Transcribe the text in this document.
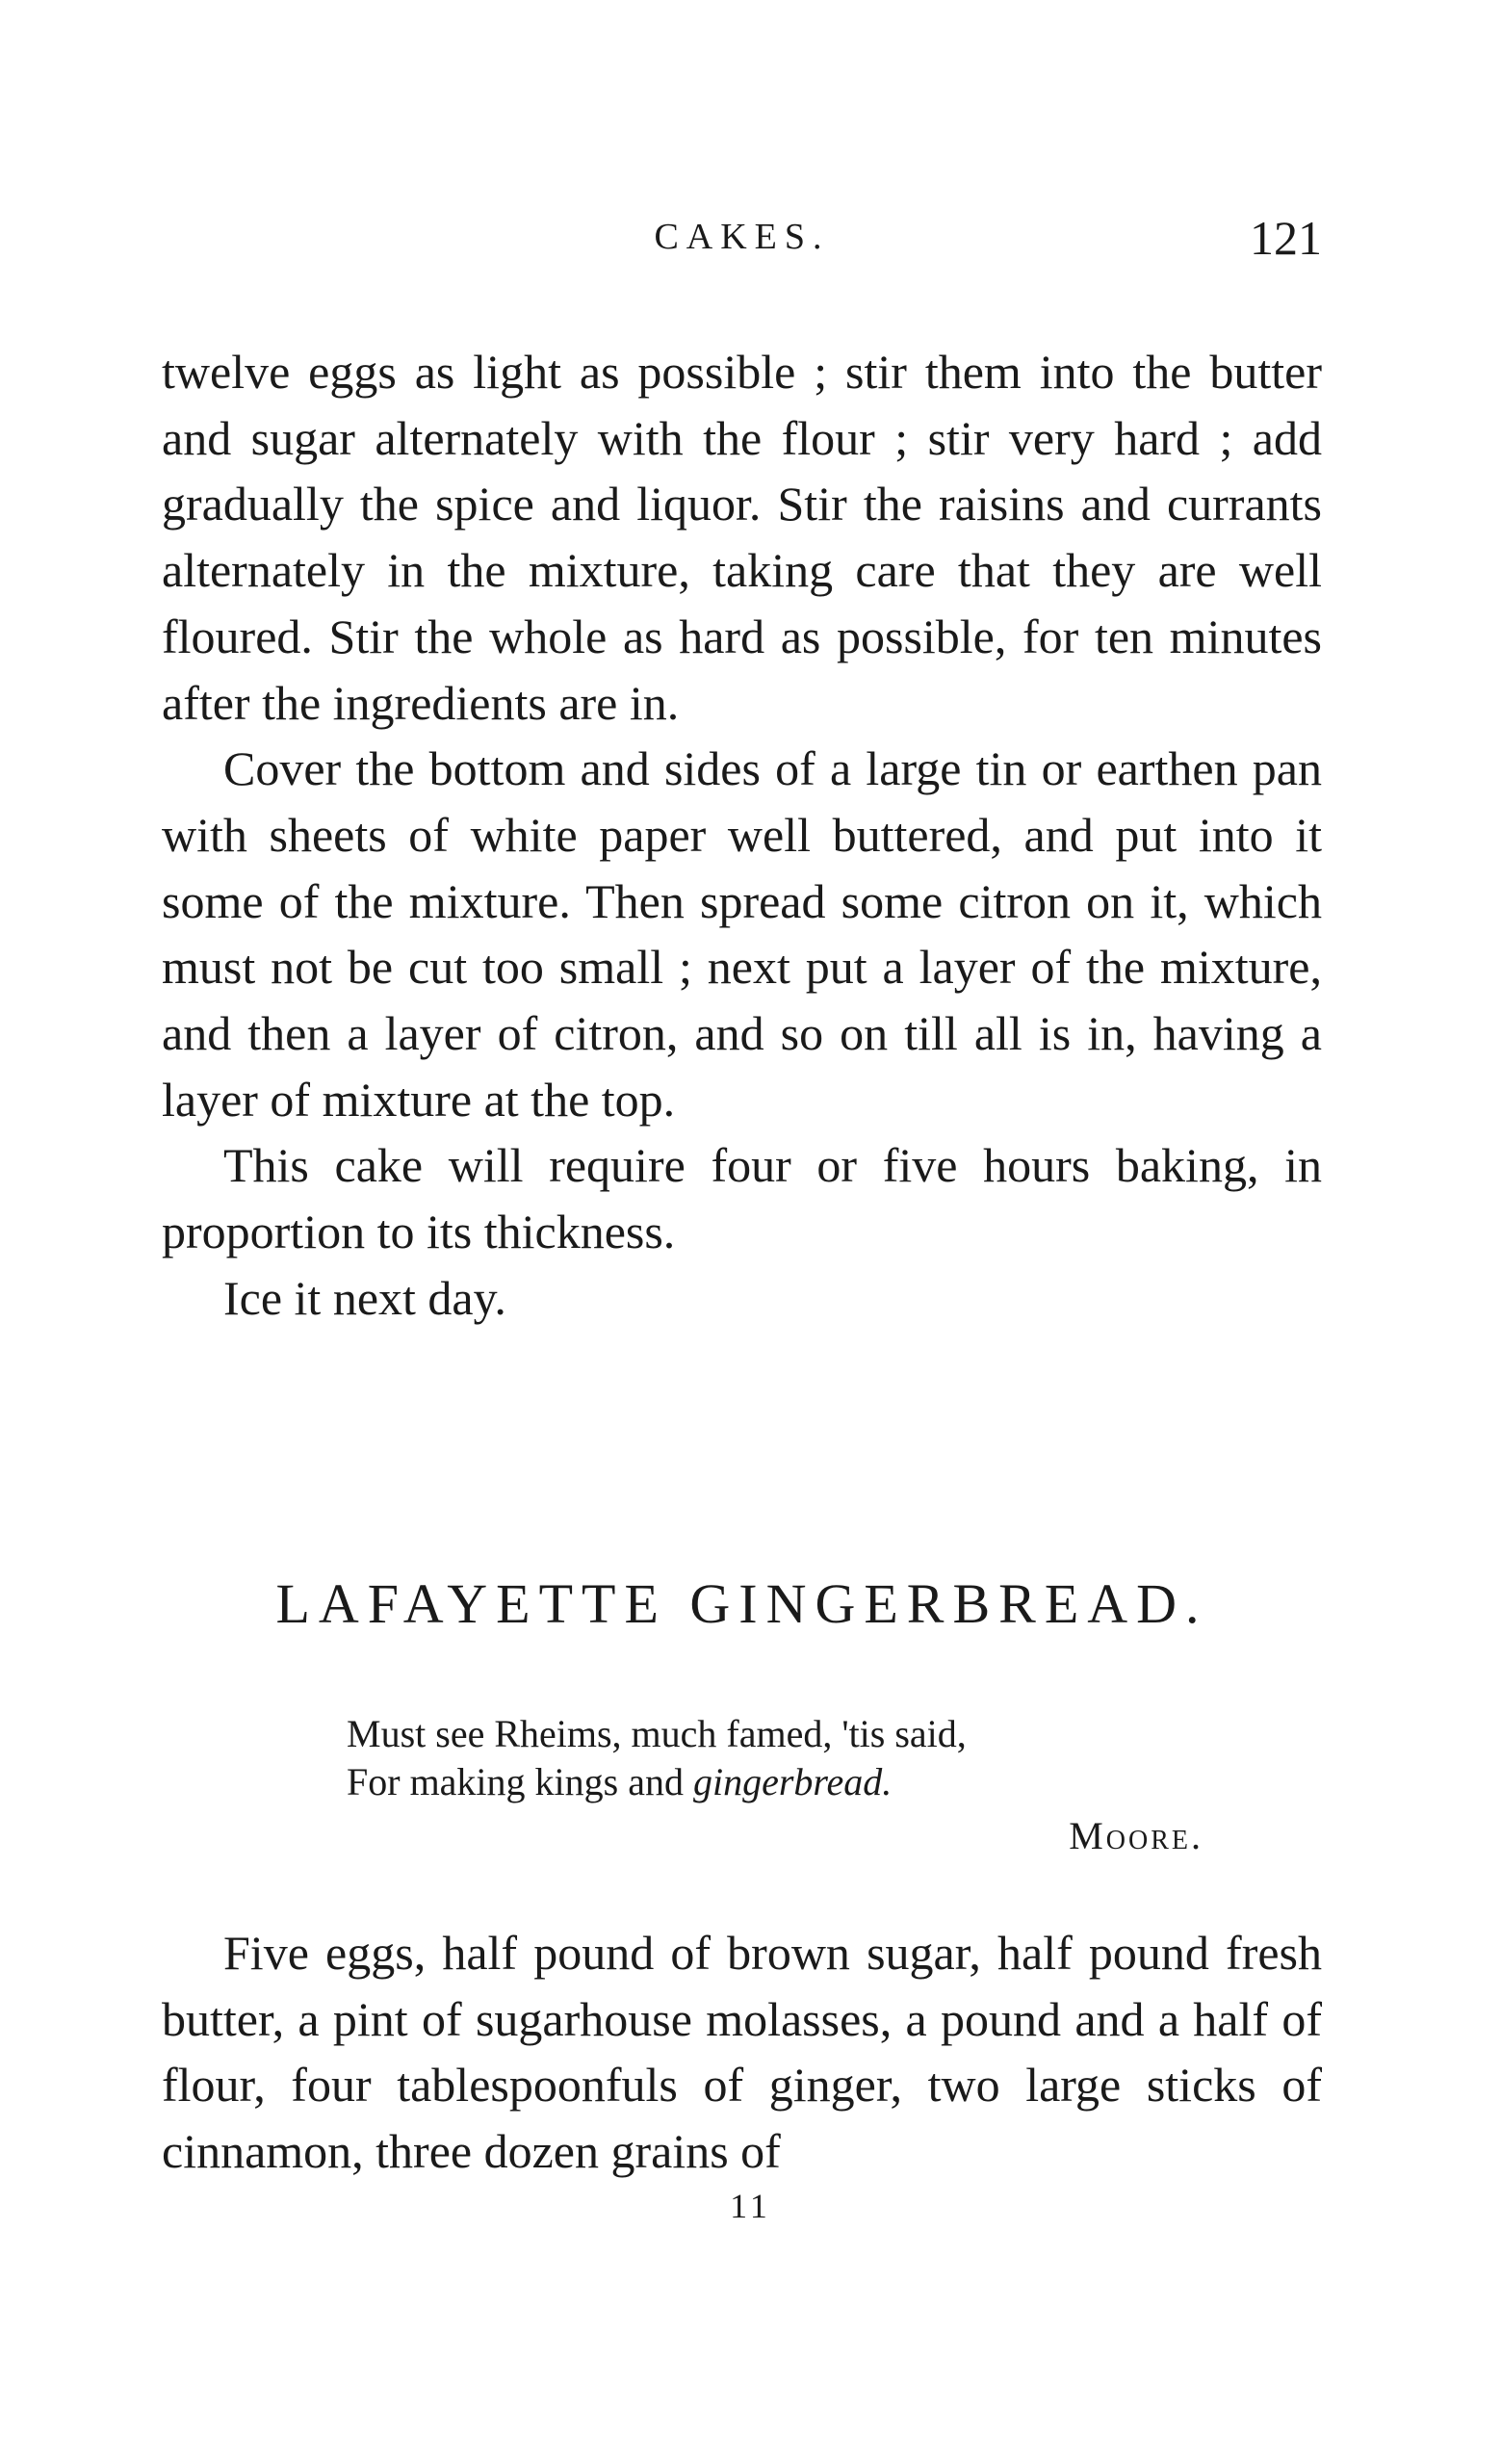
CAKES.	121

twelve eggs as light as possible ; stir them into the butter and sugar alternately with the flour ; stir very hard ; add gradually the spice and liquor. Stir the raisins and currants alternately in the mixture, taking care that they are well floured. Stir the whole as hard as possible, for ten minutes after the ingredients are in.

Cover the bottom and sides of a large tin or earthen pan with sheets of white paper well buttered, and put into it some of the mixture. Then spread some citron on it, which must not be cut too small ; next put a layer of the mixture, and then a layer of citron, and so on till all is in, having a layer of mixture at the top.

This cake will require four or five hours baking, in proportion to its thickness.

Ice it next day.

LAFAYETTE GINGERBREAD.
Must see Rheims, much famed, 'tis said,
For making kings and gingerbread.
Moore.

Five eggs, half pound of brown sugar, half pound fresh butter, a pint of sugarhouse molasses, a pound and a half of flour, four tablespoonfuls of ginger, two large sticks of cinnamon, three dozen grains of

11
